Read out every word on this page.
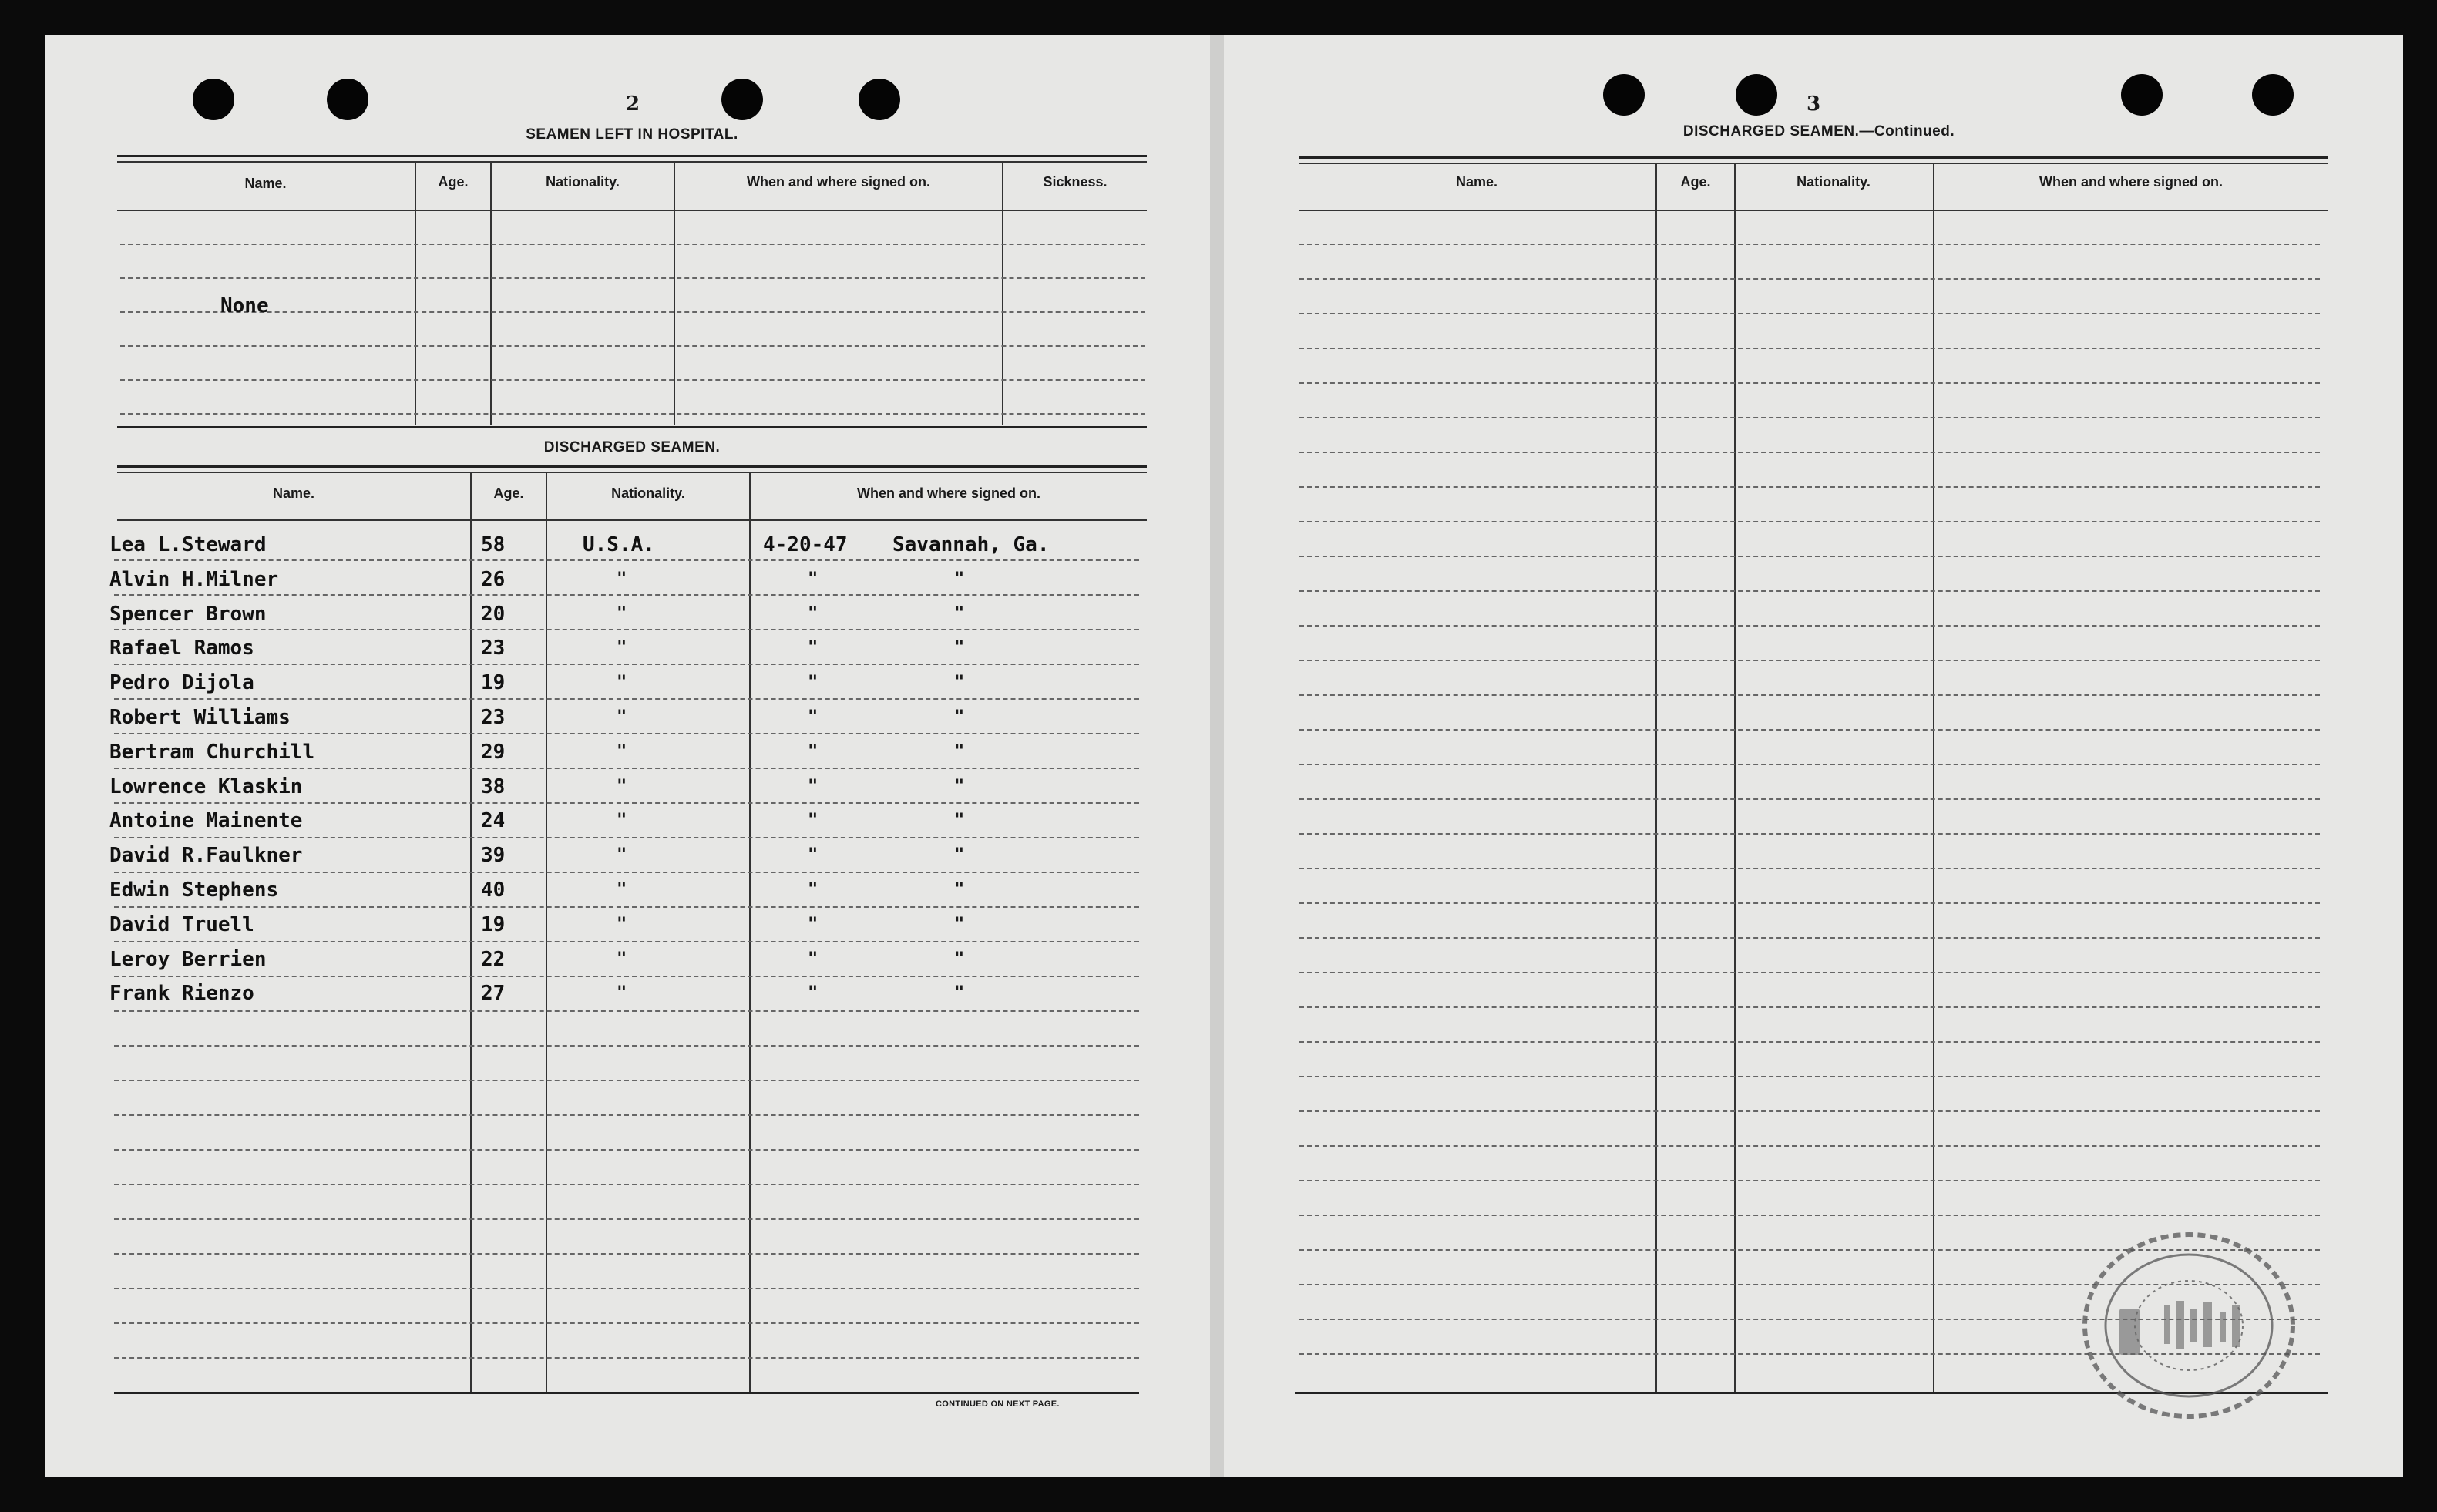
2
SEAMEN LEFT IN HOSPITAL.
Name.	Age.	Nationality.	When and where signed on.	Sickness.
None
DISCHARGED SEAMEN.
Name.	Age.	Nationality.	When and where signed on.
Lea L.Steward	58	U.S.A.	4-20-47 Savannah, Ga.
Alvin H.Milner	26	"	"	"
Spencer Brown	20	"	"	"
Rafael Ramos	23	"	"	"
Pedro Dijola	19	"	"	"
Robert Williams	23	"	"	"
Bertram Churchill	29	"	"	"
Lowrence Klaskin	38	"	"	"
Antoine Mainente	24	"	"	"
David R.Faulkner	39	"	"	"
Edwin Stephens	40	"	"	"
David Truell	19	"	"	"
Leroy Berrien	22	"	"	"
Frank Rienzo	27	"	"	"
CONTINUED ON NEXT PAGE.
3
DISCHARGED SEAMEN.—Continued.
Name.	Age.	Nationality.	When and where signed on.
